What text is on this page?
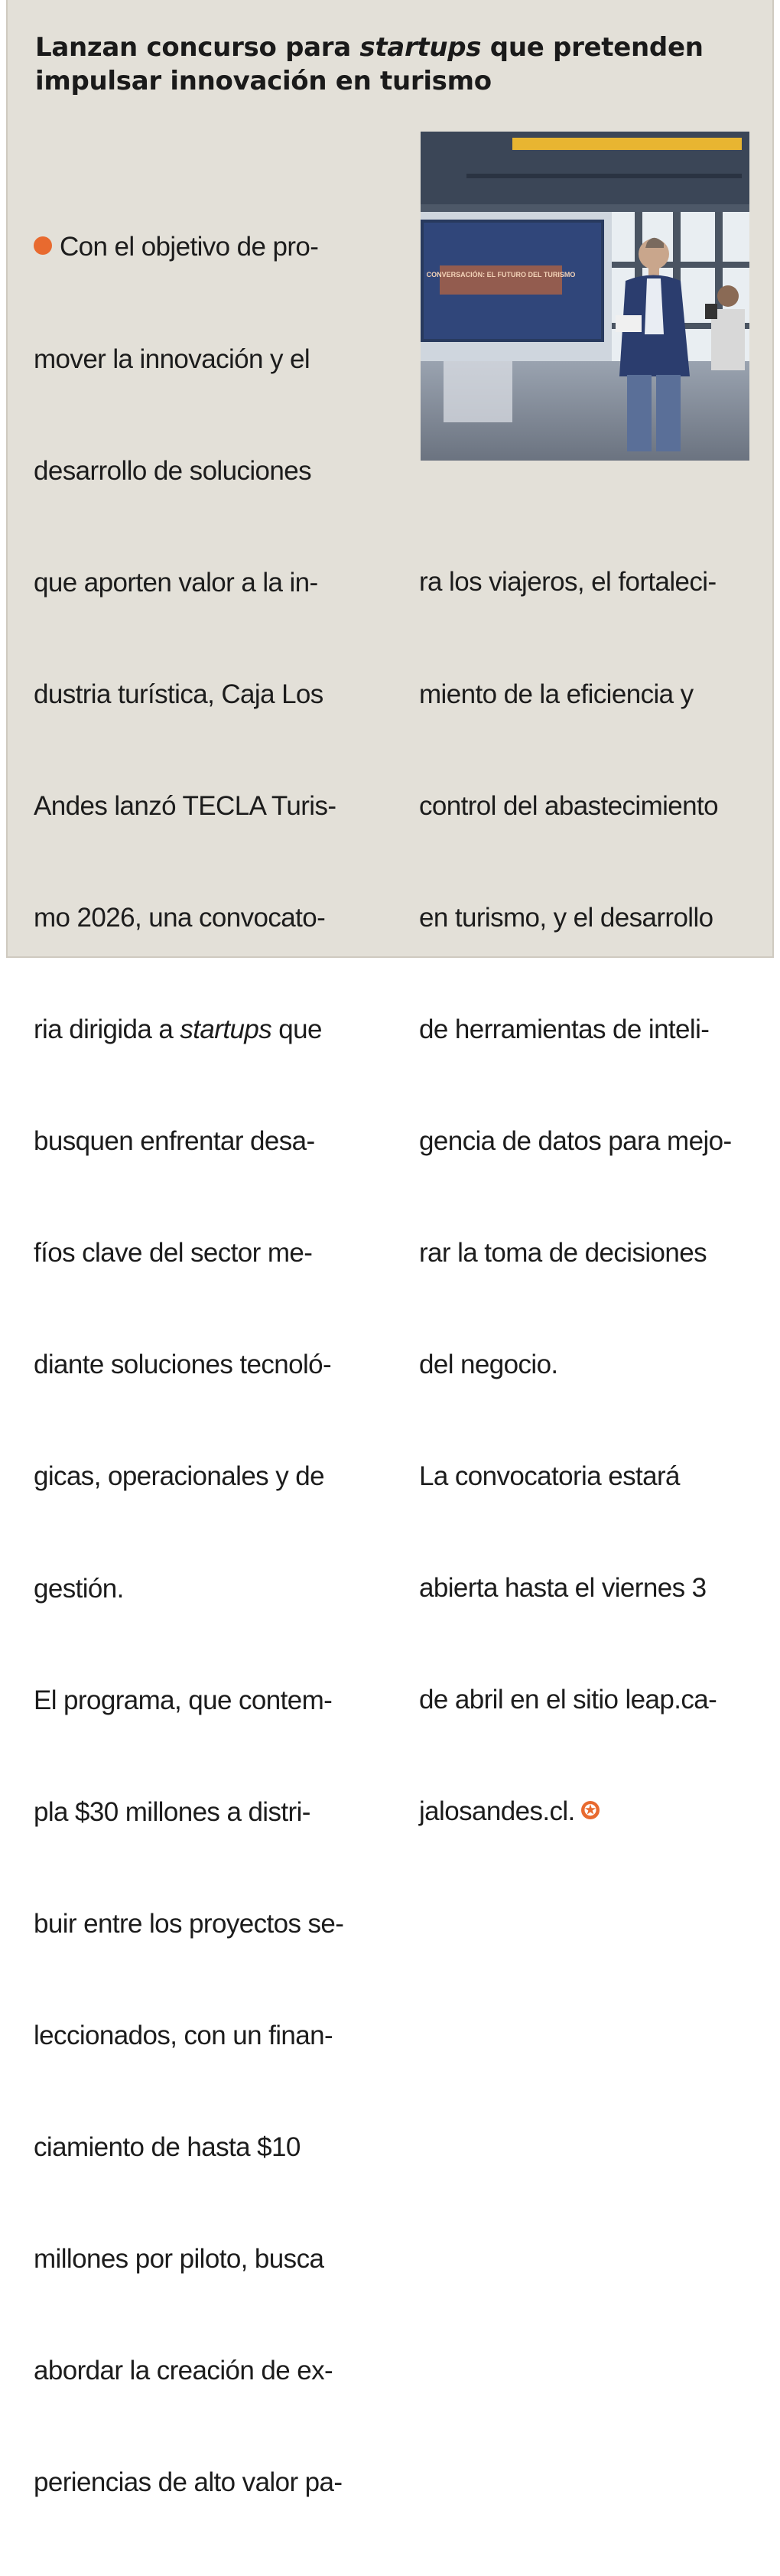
Lanzan concurso para startups que pretenden impulsar innovación en turismo
CONVERSACIÓN: EL FUTURO DEL TURISMO

Con el objetivo de pro-

mover la innovación y el

desarrollo de soluciones

que aporten valor a la in-

dustria turística, Caja Los

Andes lanzó TECLA Turis-

mo 2026, una convocato-

ria dirigida a startups que

busquen enfrentar desa-

fíos clave del sector me-

diante soluciones tecnoló-

gicas, operacionales y de

gestión.

El programa, que contem-

pla $30 millones a distri-

buir entre los proyectos se-

leccionados, con un finan-

ciamiento de hasta $10

millones por piloto, busca

abordar la creación de ex-

periencias de alto valor pa-

ra los viajeros, el fortaleci-

miento de la eficiencia y

control del abastecimiento

en turismo, y el desarrollo

de herramientas de inteli-

gencia de datos para mejo-

rar la toma de decisiones

del negocio.

La convocatoria estará

abierta hasta el viernes 3

de abril en el sitio leap.ca-

jalosandes.cl. ✪
